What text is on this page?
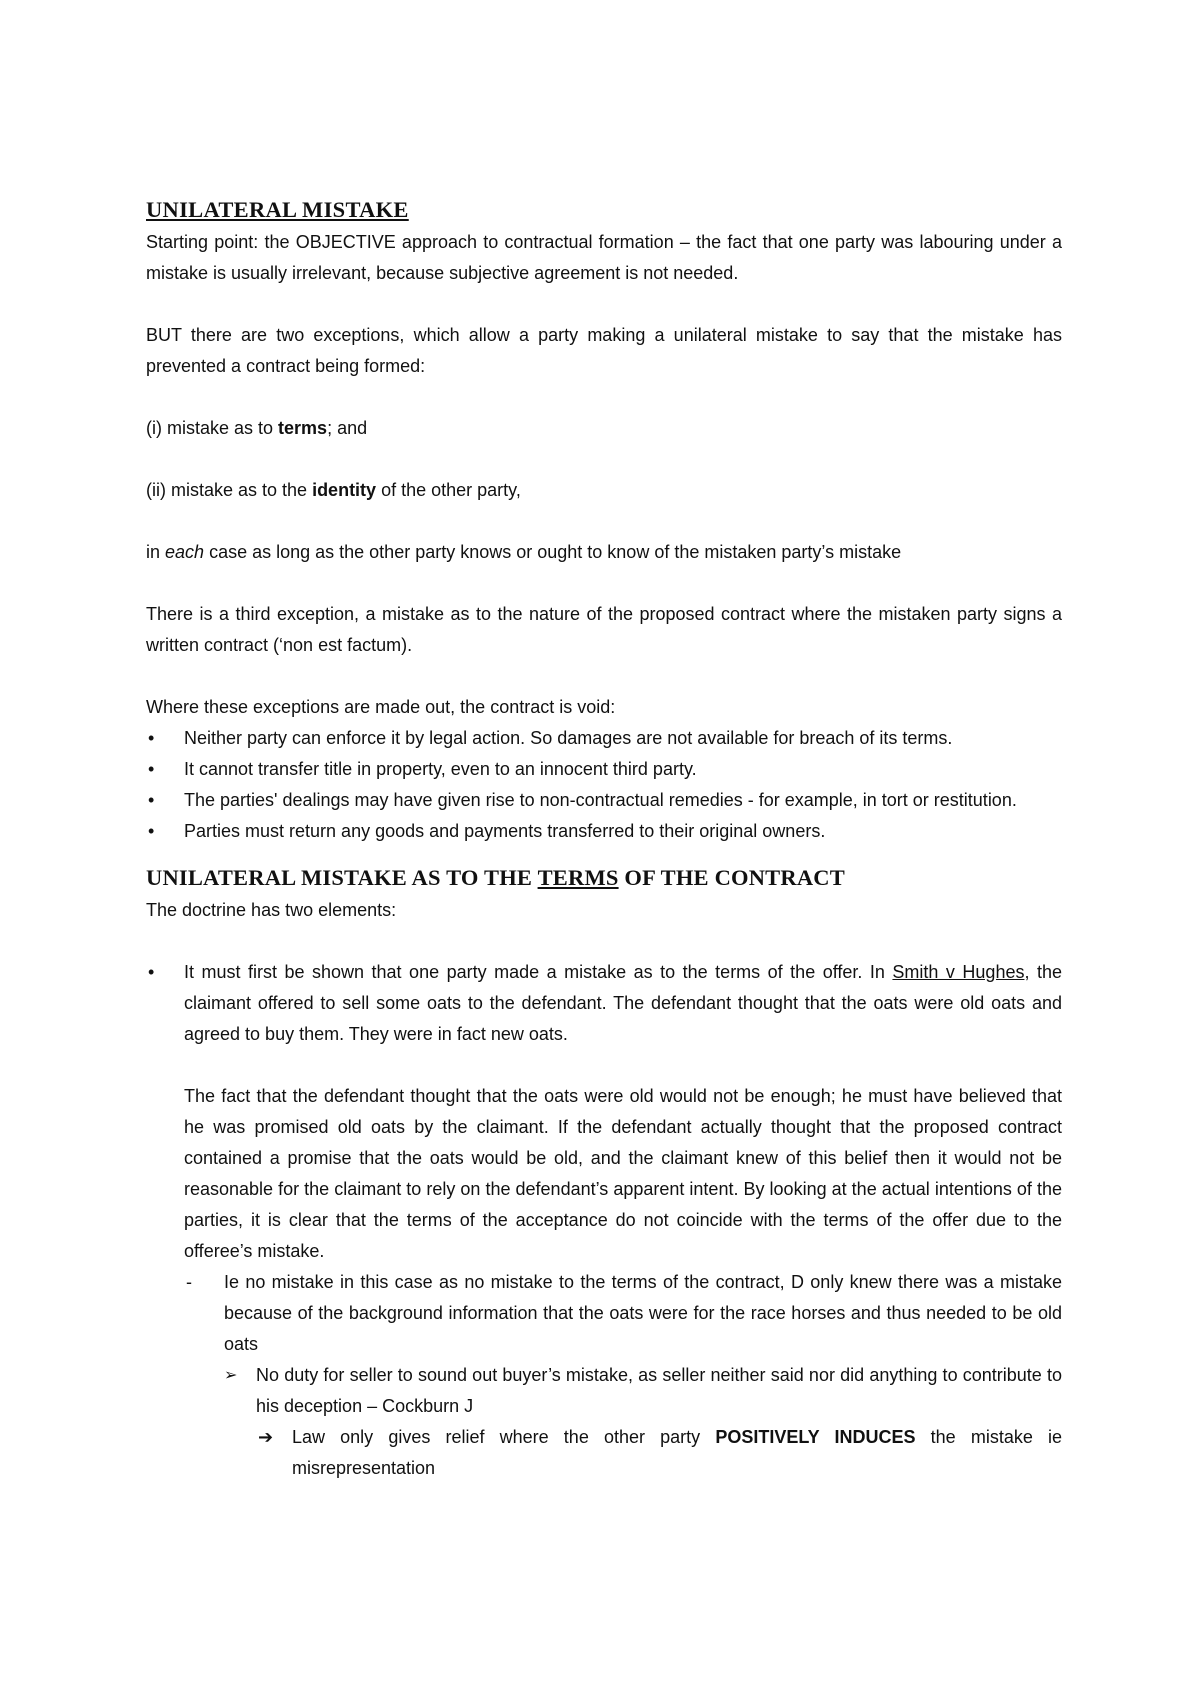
UNILATERAL MISTAKE

Starting point: the OBJECTIVE approach to contractual formation – the fact that one party was labouring under a mistake is usually irrelevant, because subjective agreement is not needed.

BUT there are two exceptions, which allow a party making a unilateral mistake to say that the mistake has prevented a contract being formed:

(i) mistake as to terms; and

(ii) mistake as to the identity of the other party,

in each case as long as the other party knows or ought to know of the mistaken party’s mistake

There is a third exception, a mistake as to the nature of the proposed contract where the mistaken party signs a written contract (‘non est factum).

Where these exceptions are made out, the contract is void:

• Neither party can enforce it by legal action. So damages are not available for breach of its terms.
• It cannot transfer title in property, even to an innocent third party.
• The parties' dealings may have given rise to non-contractual remedies - for example, in tort or restitution.
• Parties must return any goods and payments transferred to their original owners.
UNILATERAL MISTAKE AS TO THE TERMS OF THE CONTRACT

The doctrine has two elements:

• It must first be shown that one party made a mistake as to the terms of the offer. In Smith v Hughes, the claimant offered to sell some oats to the defendant. The defendant thought that the oats were old oats and agreed to buy them. They were in fact new oats.

The fact that the defendant thought that the oats were old would not be enough; he must have believed that he was promised old oats by the claimant. If the defendant actually thought that the proposed contract contained a promise that the oats would be old, and the claimant knew of this belief then it would not be reasonable for the claimant to rely on the defendant’s apparent intent. By looking at the actual intentions of the parties, it is clear that the terms of the acceptance do not coincide with the terms of the offer due to the offeree’s mistake.

- Ie no mistake in this case as no mistake to the terms of the contract, D only knew there was a mistake because of the background information that the oats were for the race horses and thus needed to be old oats
➢ No duty for seller to sound out buyer’s mistake, as seller neither said nor did anything to contribute to his deception – Cockburn J
➔ Law only gives relief where the other party POSITIVELY INDUCES the mistake ie misrepresentation
